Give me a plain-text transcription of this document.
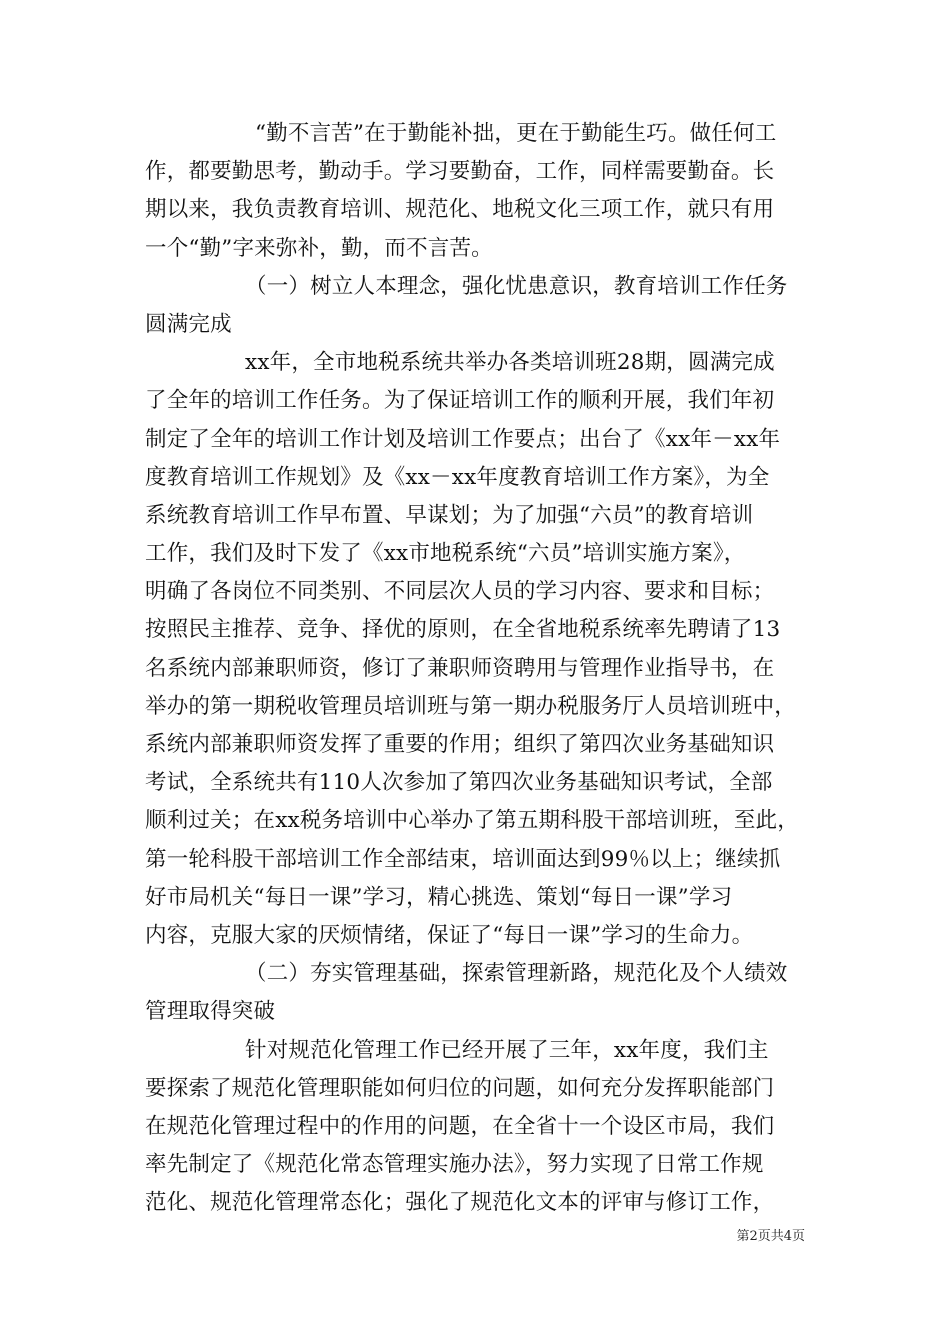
“勤不言苦”在于勤能补拙，更在于勤能生巧。做任何工
作，都要勤思考，勤动手。学习要勤奋，工作，同样需要勤奋。长
期以来，我负责教育培训、规范化、地税文化三项工作，就只有用
一个“勤”字来弥补，勤，而不言苦。
（一）树立人本理念，强化忧患意识，教育培训工作任务
圆满完成
xx年，全市地税系统共举办各类培训班28期，圆满完成
了全年的培训工作任务。为了保证培训工作的顺利开展，我们年初
制定了全年的培训工作计划及培训工作要点；出台了《xx年－xx年
度教育培训工作规划》及《xx－xx年度教育培训工作方案》，为全
系统教育培训工作早布置、早谋划；为了加强“六员”的教育培训
工作，我们及时下发了《xx市地税系统“六员”培训实施方案》，
明确了各岗位不同类别、不同层次人员的学习内容、要求和目标；
按照民主推荐、竞争、择优的原则，在全省地税系统率先聘请了13
名系统内部兼职师资，修订了兼职师资聘用与管理作业指导书，在
举办的第一期税收管理员培训班与第一期办税服务厅人员培训班中，
系统内部兼职师资发挥了重要的作用；组织了第四次业务基础知识
考试，全系统共有110人次参加了第四次业务基础知识考试，全部
顺利过关；在xx税务培训中心举办了第五期科股干部培训班，至此，
第一轮科股干部培训工作全部结束，培训面达到99％以上；继续抓
好市局机关“每日一课”学习，精心挑选、策划“每日一课”学习
内容，克服大家的厌烦情绪，保证了“每日一课”学习的生命力。
（二）夯实管理基础，探索管理新路，规范化及个人绩效
管理取得突破
针对规范化管理工作已经开展了三年，xx年度，我们主
要探索了规范化管理职能如何归位的问题，如何充分发挥职能部门
在规范化管理过程中的作用的问题，在全省十一个设区市局，我们
率先制定了《规范化常态管理实施办法》，努力实现了日常工作规
范化、规范化管理常态化；强化了规范化文本的评审与修订工作，
第2页共4页
